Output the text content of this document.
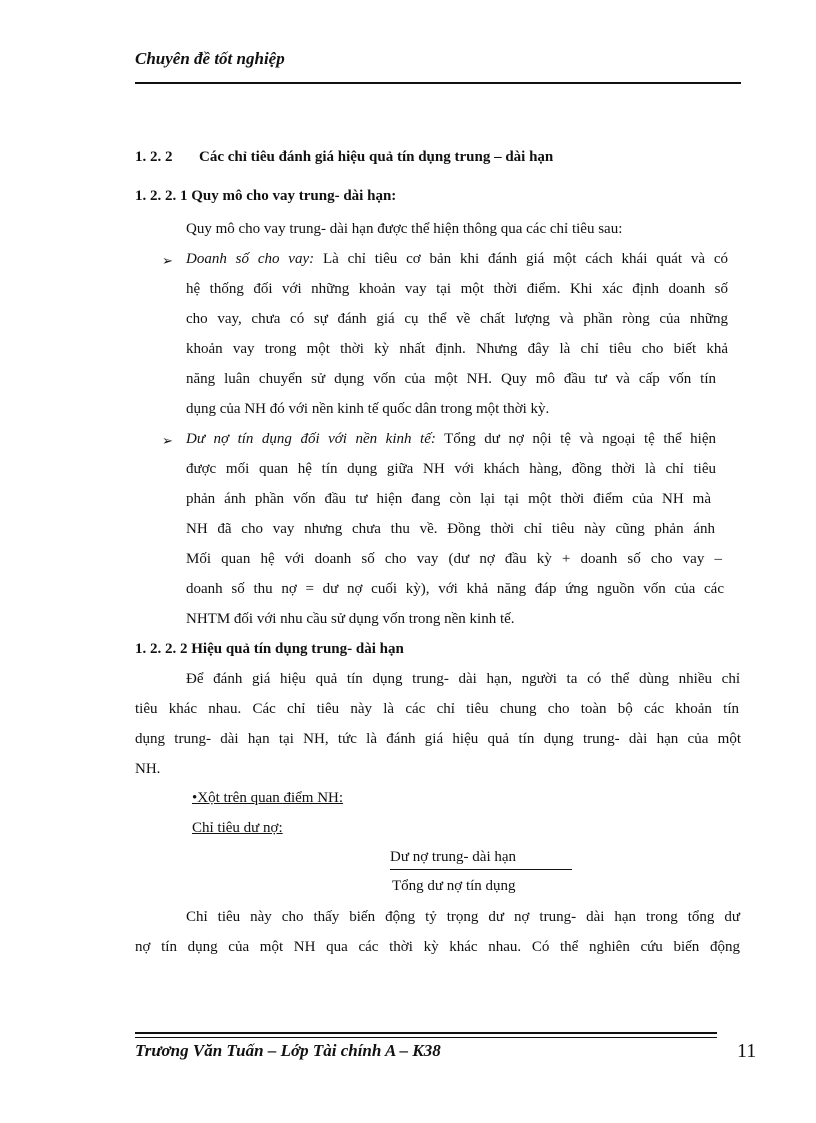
Chuyên đề tốt nghiệp
1. 2. 2 Các chỉ tiêu đánh giá hiệu quả tín dụng trung – dài hạn
1. 2. 2. 1 Quy mô cho vay trung- dài hạn:
Quy mô cho vay trung- dài hạn được thể hiện thông qua các chỉ tiêu sau:
➢ Doanh số cho vay: Là chỉ tiêu cơ bản khi đánh giá một cách khái quát và có
hệ thống đối với những khoản vay tại một thời điểm. Khi xác định doanh số
cho vay, chưa có sự đánh giá cụ thể về chất lượng và phần ròng của những
khoản vay trong một thời kỳ nhất định. Nhưng đây là chỉ tiêu cho biết khả
năng luân chuyển sử dụng vốn của một NH. Quy mô đầu tư và cấp vốn tín
dụng của NH đó với nền kinh tế quốc dân trong một thời kỳ.
➢ Dư nợ tín dụng đối với nền kinh tế: Tổng dư nợ nội tệ và ngoại tệ thể hiện
được mối quan hệ tín dụng giữa NH với khách hàng, đồng thời là chỉ tiêu
phản ánh phần vốn đầu tư hiện đang còn lại tại một thời điểm của NH mà
NH đã cho vay nhưng chưa thu về. Đồng thời chỉ tiêu này cũng phản ánh
Mối quan hệ với doanh số cho vay (dư nợ đầu kỳ + doanh số cho vay –
doanh số thu nợ = dư nợ cuối kỳ), với khả năng đáp ứng nguồn vốn của các
NHTM đối với nhu cầu sử dụng vốn trong nền kinh tế.
1. 2. 2. 2 Hiệu quả tín dụng trung- dài hạn
Để đánh giá hiệu quả tín dụng trung- dài hạn, người ta có thể dùng nhiều chỉ
tiêu khác nhau. Các chỉ tiêu này là các chỉ tiêu chung cho toàn bộ các khoản tín
dụng trung- dài hạn tại NH, tức là đánh giá hiệu quả tín dụng trung- dài hạn của một
NH.
•Xột trên quan điểm NH:
Chỉ tiêu dư nợ:
Dư nợ trung- dài hạn
Tổng dư nợ tín dụng
Chỉ tiêu này cho thấy biến động tỷ trọng dư nợ trung- dài hạn trong tổng dư
nợ tín dụng của một NH qua các thời kỳ khác nhau. Có thể nghiên cứu biến động
Trương Văn Tuấn – Lớp Tài chính A – K38	11
